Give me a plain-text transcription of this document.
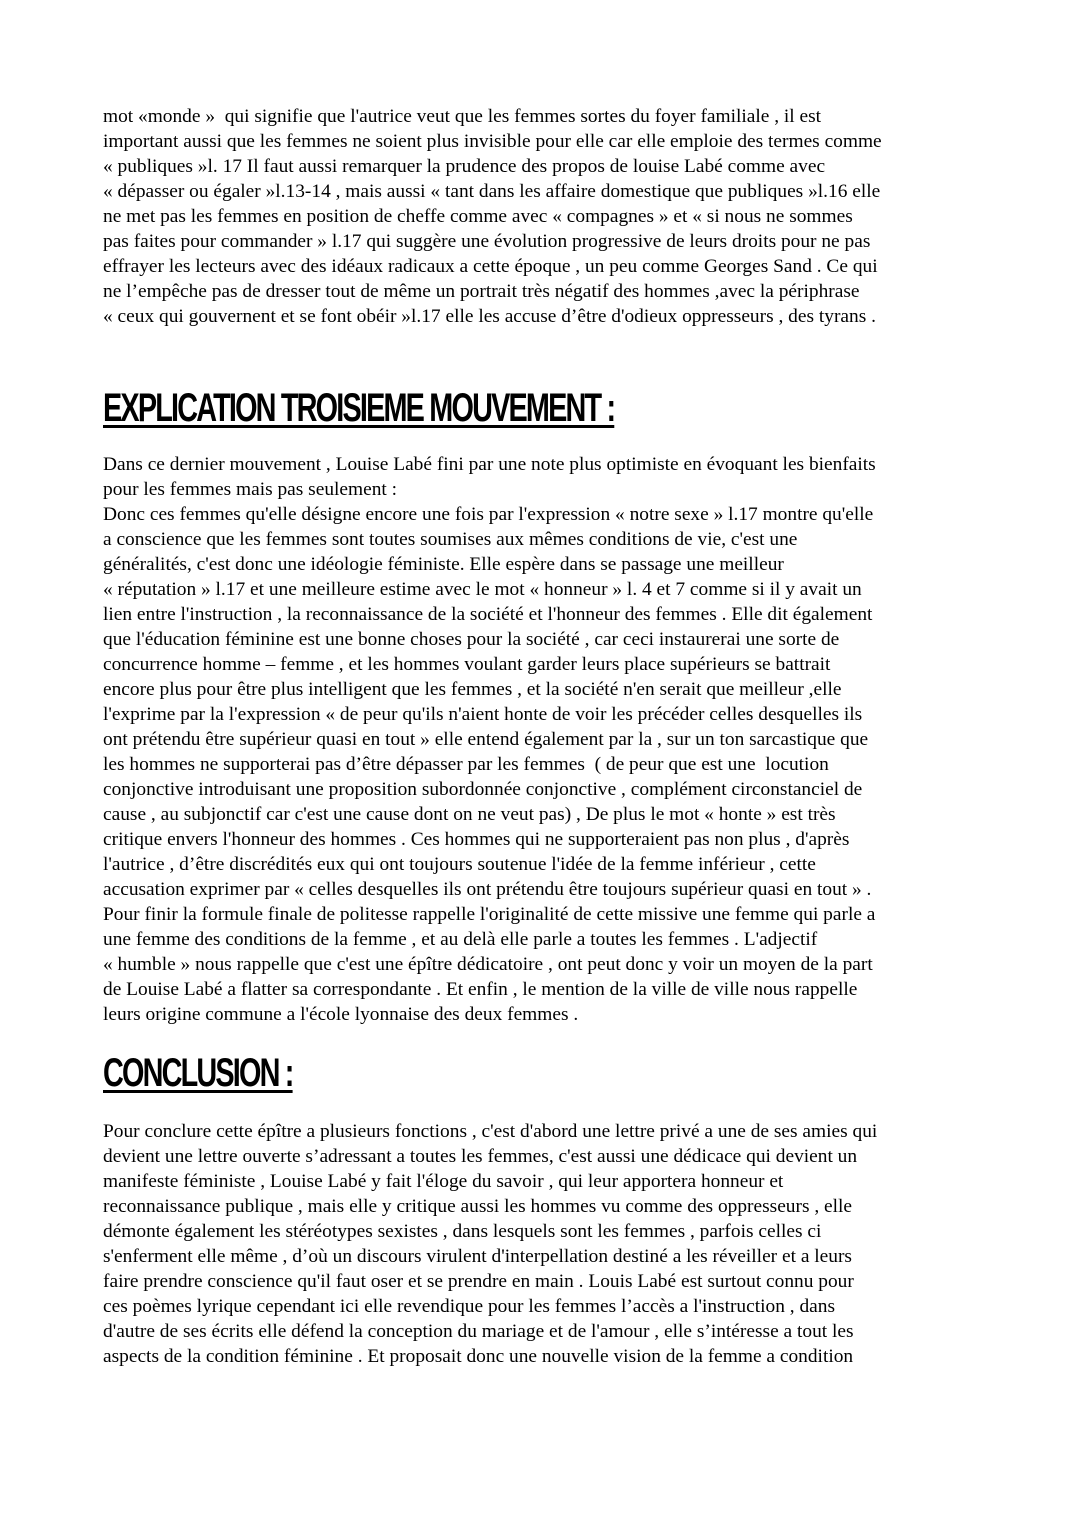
mot «monde »  qui signifie que l'autrice veut que les femmes sortes du foyer familiale , il est
important aussi que les femmes ne soient plus invisible pour elle car elle emploie des termes comme
« publiques »l. 17 Il faut aussi remarquer la prudence des propos de louise Labé comme avec
« dépasser ou égaler »l.13-14 , mais aussi « tant dans les affaire domestique que publiques »l.16 elle
ne met pas les femmes en position de cheffe comme avec « compagnes » et « si nous ne sommes
pas faites pour commander » l.17 qui suggère une évolution progressive de leurs droits pour ne pas
effrayer les lecteurs avec des idéaux radicaux a cette époque , un peu comme Georges Sand . Ce qui
ne l’empêche pas de dresser tout de même un portrait très négatif des hommes ,avec la périphrase
« ceux qui gouvernent et se font obéir »l.17 elle les accuse d’être d'odieux oppresseurs , des tyrans .
EXPLICATION TROISIEME MOUVEMENT :
Dans ce dernier mouvement , Louise Labé fini par une note plus optimiste en évoquant les bienfaits
pour les femmes mais pas seulement :
Donc ces femmes qu'elle désigne encore une fois par l'expression « notre sexe » l.17 montre qu'elle
a conscience que les femmes sont toutes soumises aux mêmes conditions de vie, c'est une
généralités, c'est donc une idéologie féministe. Elle espère dans se passage une meilleur
« réputation » l.17 et une meilleure estime avec le mot « honneur » l. 4 et 7 comme si il y avait un
lien entre l'instruction , la reconnaissance de la société et l'honneur des femmes . Elle dit également
que l'éducation féminine est une bonne choses pour la société , car ceci instaurerai une sorte de
concurrence homme – femme , et les hommes voulant garder leurs place supérieurs se battrait
encore plus pour être plus intelligent que les femmes , et la société n'en serait que meilleur ,elle
l'exprime par la l'expression « de peur qu'ils n'aient honte de voir les précéder celles desquelles ils
ont prétendu être supérieur quasi en tout » elle entend également par la , sur un ton sarcastique que
les hommes ne supporterai pas d’être dépasser par les femmes  ( de peur que est une  locution
conjonctive introduisant une proposition subordonnée conjonctive , complément circonstanciel de
cause , au subjonctif car c'est une cause dont on ne veut pas) , De plus le mot « honte » est très
critique envers l'honneur des hommes . Ces hommes qui ne supporteraient pas non plus , d'après
l'autrice , d’être discrédités eux qui ont toujours soutenue l'idée de la femme inférieur , cette
accusation exprimer par « celles desquelles ils ont prétendu être toujours supérieur quasi en tout » .
Pour finir la formule finale de politesse rappelle l'originalité de cette missive une femme qui parle a
une femme des conditions de la femme , et au delà elle parle a toutes les femmes . L'adjectif
« humble » nous rappelle que c'est une épître dédicatoire , ont peut donc y voir un moyen de la part
de Louise Labé a flatter sa correspondante . Et enfin , le mention de la ville de ville nous rappelle
leurs origine commune a l'école lyonnaise des deux femmes .
CONCLUSION :
Pour conclure cette épître a plusieurs fonctions , c'est d'abord une lettre privé a une de ses amies qui
devient une lettre ouverte s’adressant a toutes les femmes, c'est aussi une dédicace qui devient un
manifeste féministe , Louise Labé y fait l'éloge du savoir , qui leur apportera honneur et
reconnaissance publique , mais elle y critique aussi les hommes vu comme des oppresseurs , elle
démonte également les stéréotypes sexistes , dans lesquels sont les femmes , parfois celles ci
s'enferment elle même , d’où un discours virulent d'interpellation destiné a les réveiller et a leurs
faire prendre conscience qu'il faut oser et se prendre en main . Louis Labé est surtout connu pour
ces poèmes lyrique cependant ici elle revendique pour les femmes l’accès a l'instruction , dans
d'autre de ses écrits elle défend la conception du mariage et de l'amour , elle s’intéresse a tout les
aspects de la condition féminine . Et proposait donc une nouvelle vision de la femme a condition
